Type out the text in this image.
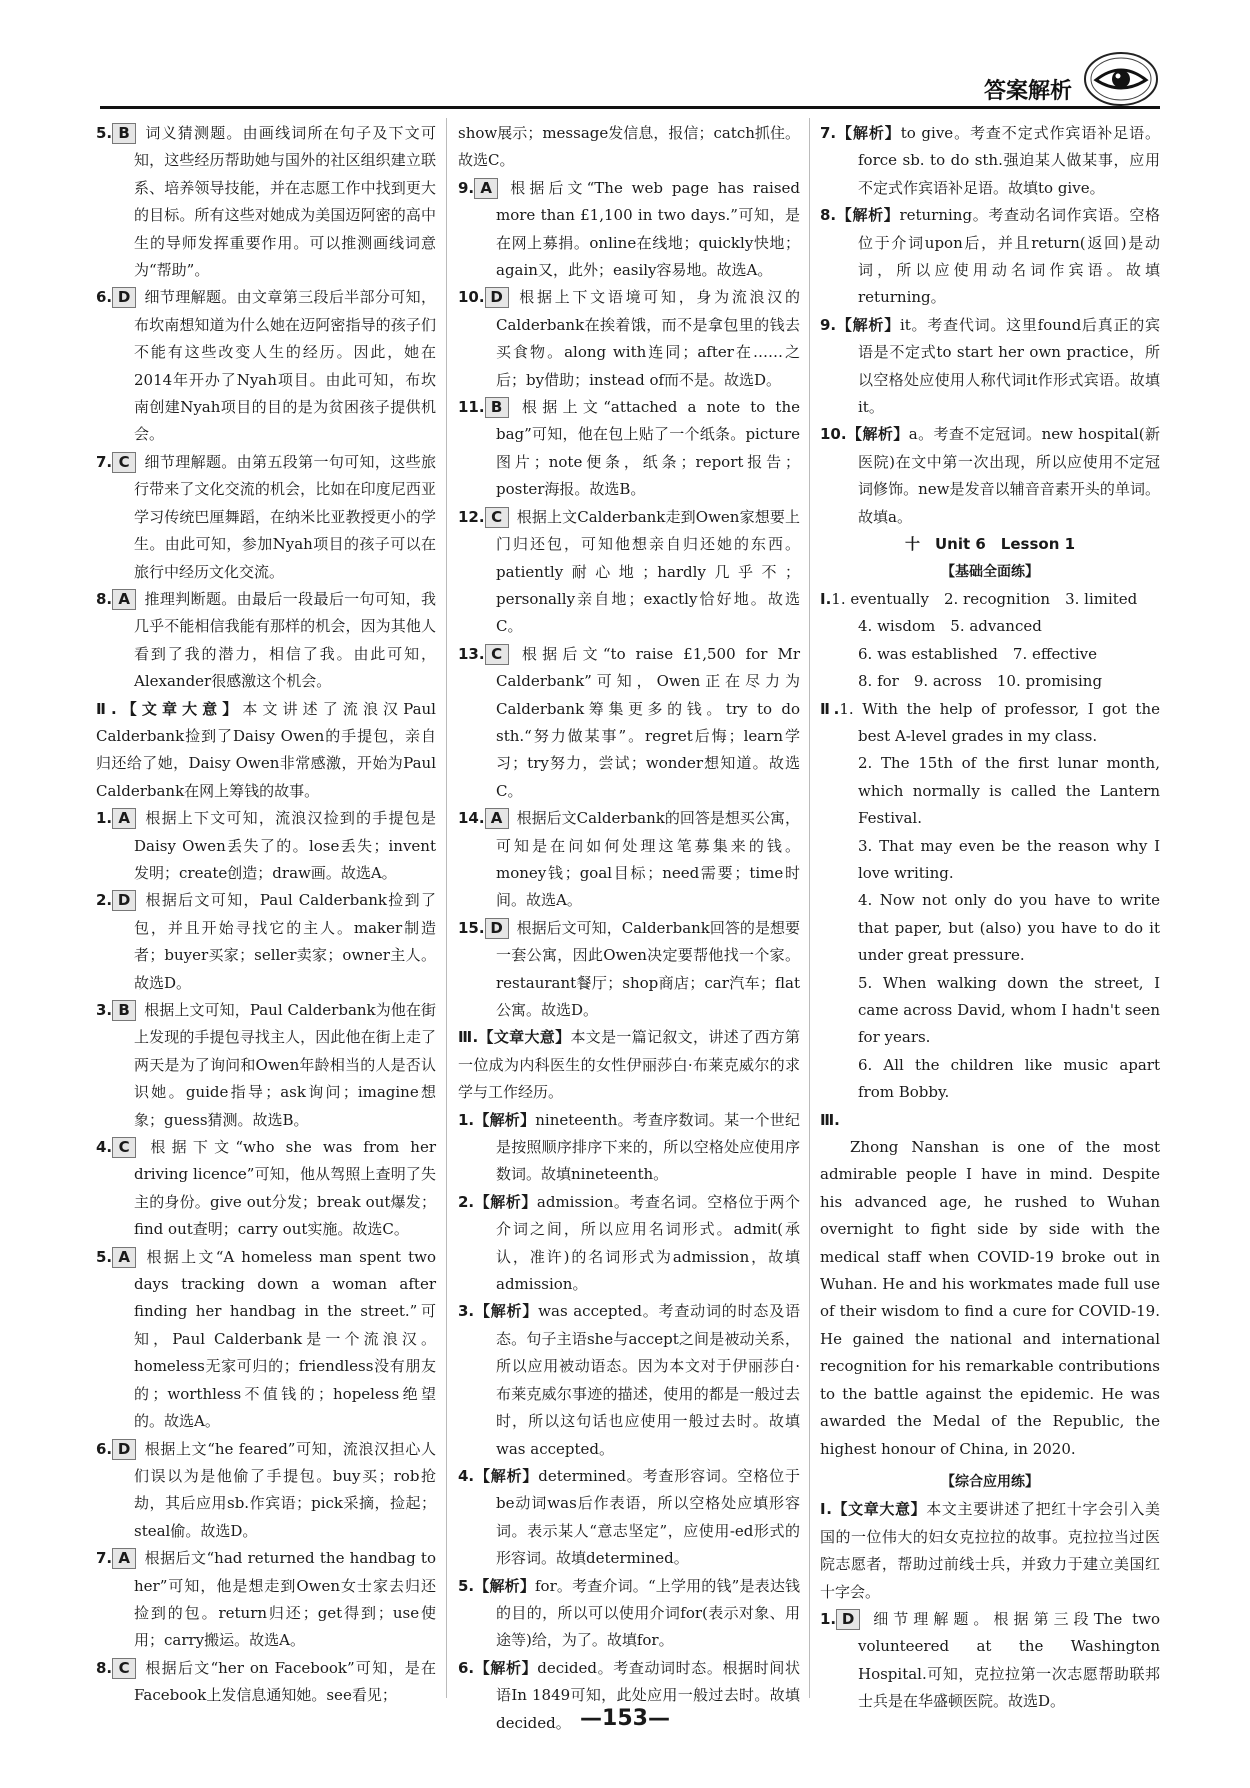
答案解析
5. B 词义猜测题。由画线词所在句子及下文可知，这些经历帮助她与国外的社区组织建立联系、培养领导技能，并在志愿工作中找到更大的目标。所有这些对她成为美国迈阿密的高中生的导师发挥重要作用。可以推测画线词意为“帮助”。
6. D 细节理解题。由文章第三段后半部分可知，布坎南想知道为什么她在迈阿密指导的孩子们不能有这些改变人生的经历。因此，她在2014年开办了Nyah项目。由此可知，布坎南创建Nyah项目的目的是为贫困孩子提供机会。
7. C 细节理解题。由第五段第一句可知，这些旅行带来了文化交流的机会，比如在印度尼西亚学习传统巴厘舞蹈，在纳米比亚教授更小的学生。由此可知，参加Nyah项目的孩子可以在旅行中经历文化交流。
8. A 推理判断题。由最后一段最后一句可知，我几乎不能相信我能有那样的机会，因为其他人看到了我的潜力，相信了我。由此可知，Alexander很感激这个机会。
Ⅱ.【文章大意】本文讲述了流浪汉Paul Calderbank捡到了Daisy Owen的手提包，亲自归还给了她，Daisy Owen非常感激，开始为Paul Calderbank在网上筹钱的故事。
1. A 根据上下文可知，流浪汉捡到的手提包是Daisy Owen丢失了的。lose丢失；invent发明；create创造；draw画。故选A。
2. D 根据后文可知，Paul Calderbank捡到了包，并且开始寻找它的主人。maker制造者；buyer买家；seller卖家；owner主人。故选D。
3. B 根据上文可知，Paul Calderbank为他在街上发现的手提包寻找主人，因此他在街上走了两天是为了询问和Owen年龄相当的人是否认识她。guide指导；ask询问；imagine想象；guess猜测。故选B。
4. C 根据下文“who she was from her driving licence”可知，他从驾照上查明了失主的身份。give out分发；break out爆发；find out查明；carry out实施。故选C。
5. A 根据上文“A homeless man spent two days tracking down a woman after finding her handbag in the street.”可知，Paul Calderbank是一个流浪汉。homeless无家可归的；friendless没有朋友的；worthless不值钱的；hopeless绝望的。故选A。
6. D 根据上文“he feared”可知，流浪汉担心人们误以为是他偷了手提包。buy买；rob抢劫，其后应用sb.作宾语；pick采摘，捡起；steal偷。故选D。
7. A 根据后文“had returned the handbag to her”可知，他是想走到Owen女士家去归还捡到的包。return归还；get得到；use使用；carry搬运。故选A。
8. C 根据后文“her on Facebook”可知，是在Facebook上发信息通知她。see看见；
show展示；message发信息，报信；catch抓住。故选C。
9. A 根据后文“The web page has raised more than £1,100 in two days.”可知，是在网上募捐。online在线地；quickly快地；again又，此外；easily容易地。故选A。
10. D 根据上下文语境可知，身为流浪汉的Calderbank在挨着饿，而不是拿包里的钱去买食物。along with连同；after在……之后；by借助；instead of而不是。故选D。
11. B 根据上文“attached a note to the bag”可知，他在包上贴了一个纸条。picture图片；note便条，纸条；report报告；poster海报。故选B。
12. C 根据上文Calderbank走到Owen家想要上门归还包，可知他想亲自归还她的东西。patiently耐心地；hardly几乎不；personally亲自地；exactly恰好地。故选C。
13. C 根据后文“to raise £1,500 for Mr Calderbank”可知，Owen正在尽力为Calderbank筹集更多的钱。try to do sth.“努力做某事”。regret后悔；learn学习；try努力，尝试；wonder想知道。故选C。
14. A 根据后文Calderbank的回答是想买公寓，可知是在问如何处理这笔募集来的钱。money钱；goal目标；need需要；time时间。故选A。
15. D 根据后文可知，Calderbank回答的是想要一套公寓，因此Owen决定要帮他找一个家。restaurant餐厅；shop商店；car汽车；flat公寓。故选D。
Ⅲ.【文章大意】本文是一篇记叙文，讲述了西方第一位成为内科医生的女性伊丽莎白·布莱克威尔的求学与工作经历。
1.【解析】nineteenth。考查序数词。某一个世纪是按照顺序排序下来的，所以空格处应使用序数词。故填nineteenth。
2.【解析】admission。考查名词。空格位于两个介词之间，所以应用名词形式。admit(承认，准许)的名词形式为admission，故填admission。
3.【解析】was accepted。考查动词的时态及语态。句子主语she与accept之间是被动关系，所以应用被动语态。因为本文对于伊丽莎白·布莱克威尔事迹的描述，使用的都是一般过去时，所以这句话也应使用一般过去时。故填was accepted。
4.【解析】determined。考查形容词。空格位于be动词was后作表语，所以空格处应填形容词。表示某人“意志坚定”，应使用-ed形式的形容词。故填determined。
5.【解析】for。考查介词。“上学用的钱”是表达钱的目的，所以可以使用介词for(表示对象、用途等)给，为了。故填for。
6.【解析】decided。考查动词时态。根据时间状语In 1849可知，此处应用一般过去时。故填decided。
7.【解析】to give。考查不定式作宾语补足语。force sb. to do sth.强迫某人做某事，应用不定式作宾语补足语。故填to give。
8.【解析】returning。考查动名词作宾语。空格位于介词upon后，并且return(返回)是动词，所以应使用动名词作宾语。故填returning。
9.【解析】it。考查代词。这里found后真正的宾语是不定式to start her own practice，所以空格处应使用人称代词it作形式宾语。故填it。
10.【解析】a。考查不定冠词。new hospital(新医院)在文中第一次出现，所以应使用不定冠词修饰。new是发音以辅音音素开头的单词。故填a。
十　Unit 6　Lesson 1
【基础全面练】
Ⅰ.1. eventually　2. recognition　3. limited
4. wisdom　5. advanced
6. was established　7. effective
8. for　9. across　10. promising
Ⅱ.1. With the help of professor, I got the best A-level grades in my class.
2. The 15th of the first lunar month, which normally is called the Lantern Festival.
3. That may even be the reason why I love writing.
4. Now not only do you have to write that paper, but (also) you have to do it under great pressure.
5. When walking down the street, I came across David, whom I hadn't seen for years.
6. All the children like music apart from Bobby.
Ⅲ.
Zhong Nanshan is one of the most admirable people I have in mind. Despite his advanced age, he rushed to Wuhan overnight to fight side by side with the medical staff when COVID-19 broke out in Wuhan. He and his workmates made full use of their wisdom to find a cure for COVID-19. He gained the national and international recognition for his remarkable contributions to the battle against the epidemic. He was awarded the Medal of the Republic, the highest honour of China, in 2020.
【综合应用练】
Ⅰ.【文章大意】本文主要讲述了把红十字会引入美国的一位伟大的妇女克拉拉的故事。克拉拉当过医院志愿者，帮助过前线士兵，并致力于建立美国红十字会。
1. D 细节理解题。根据第三段The two volunteered at the Washington Hospital.可知，克拉拉第一次志愿帮助联邦士兵是在华盛顿医院。故选D。
—153—
